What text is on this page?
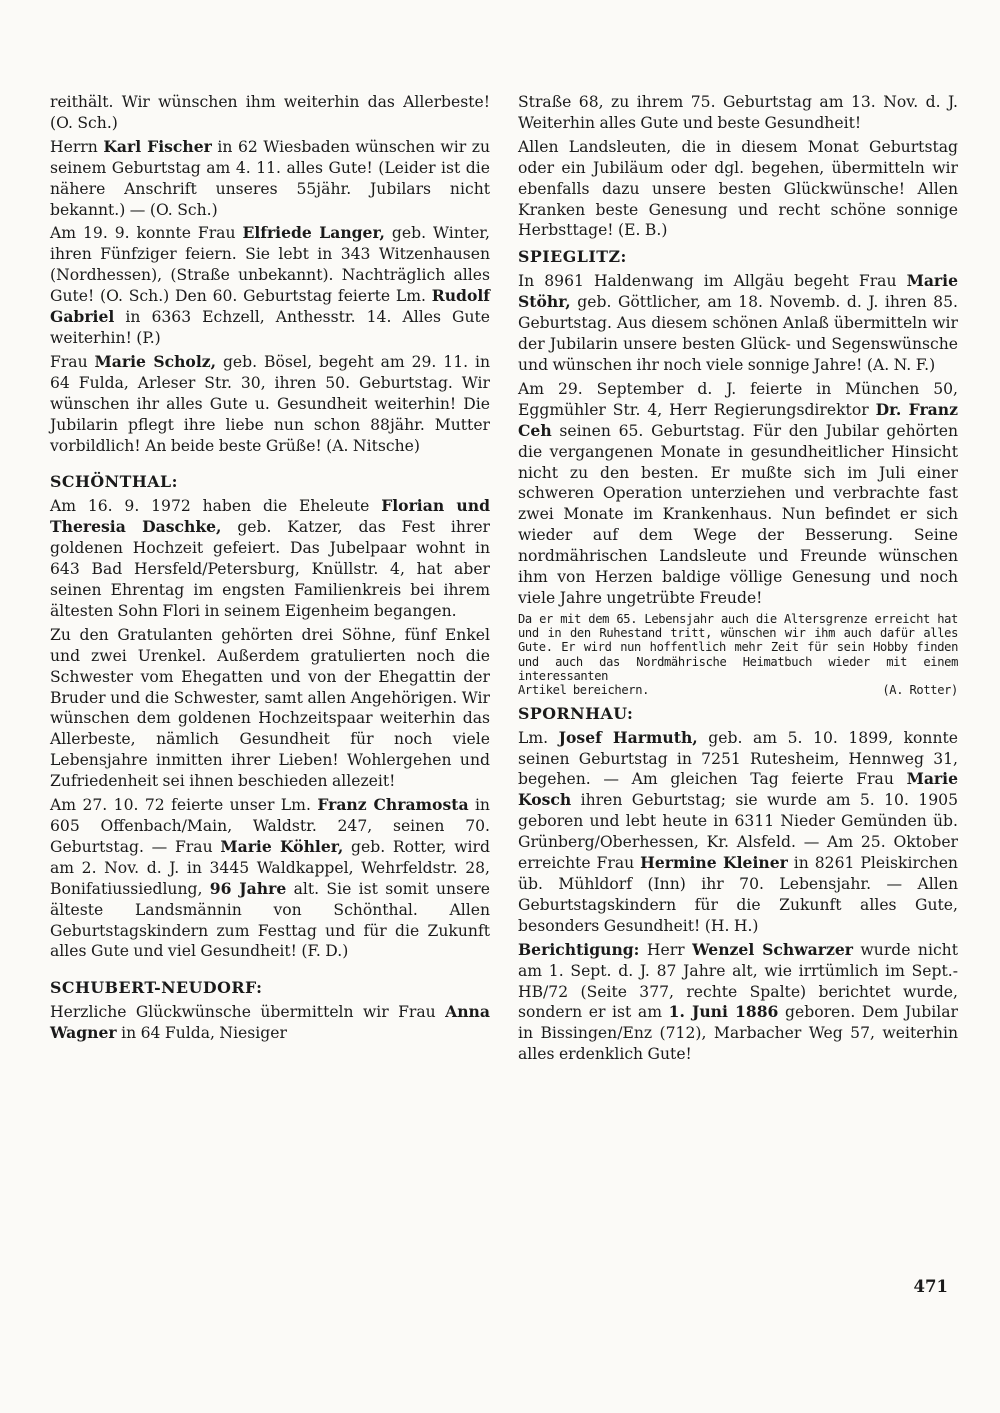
reithält. Wir wünschen ihm weiterhin das Allerbeste! (O. Sch.)

Herrn Karl Fischer in 62 Wiesbaden wünschen wir zu seinem Geburtstag am 4. 11. alles Gute! (Leider ist die nähere Anschrift unseres 55jähr. Jubilars nicht bekannt.) — (O. Sch.)

Am 19. 9. konnte Frau Elfriede Langer, geb. Winter, ihren Fünfziger feiern. Sie lebt in 343 Witzenhausen (Nordhessen), (Straße unbekannt). Nachträglich alles Gute! (O. Sch.) Den 60. Geburtstag feierte Lm. Rudolf Gabriel in 6363 Echzell, Anthesstr. 14. Alles Gute weiterhin! (P.)

Frau Marie Scholz, geb. Bösel, begeht am 29. 11. in 64 Fulda, Arleser Str. 30, ihren 50. Geburtstag. Wir wünschen ihr alles Gute u. Gesundheit weiterhin! Die Jubilarin pflegt ihre liebe nun schon 88jähr. Mutter vorbildlich! An beide beste Grüße! (A. Nitsche)

SCHÖNTHAL:

Am 16. 9. 1972 haben die Eheleute Florian und Theresia Daschke, geb. Katzer, das Fest ihrer goldenen Hochzeit gefeiert. Das Jubelpaar wohnt in 643 Bad Hersfeld/Petersburg, Knüllstr. 4, hat aber seinen Ehrentag im engsten Familienkreis bei ihrem ältesten Sohn Flori in seinem Eigenheim begangen.

Zu den Gratulanten gehörten drei Söhne, fünf Enkel und zwei Urenkel. Außerdem gratulierten noch die Schwester vom Ehegatten und von der Ehegattin der Bruder und die Schwester, samt allen Angehörigen. Wir wünschen dem goldenen Hochzeitspaar weiterhin das Allerbeste, nämlich Gesundheit für noch viele Lebensjahre inmitten ihrer Lieben! Wohlergehen und Zufriedenheit sei ihnen beschieden allezeit!

Am 27. 10. 72 feierte unser Lm. Franz Chramosta in 605 Offenbach/Main, Waldstr. 247, seinen 70. Geburtstag. — Frau Marie Köhler, geb. Rotter, wird am 2. Nov. d. J. in 3445 Waldkappel, Wehrfeldstr. 28, Bonifatiussiedlung, 96 Jahre alt. Sie ist somit unsere älteste Landsmännin von Schönthal. Allen Geburtstagskindern zum Festtag und für die Zukunft alles Gute und viel Gesundheit! (F. D.)

SCHUBERT-NEUDORF:

Herzliche Glückwünsche übermitteln wir Frau Anna Wagner in 64 Fulda, Niesiger

Straße 68, zu ihrem 75. Geburtstag am 13. Nov. d. J. Weiterhin alles Gute und beste Gesundheit!

Allen Landsleuten, die in diesem Monat Geburtstag oder ein Jubiläum oder dgl. begehen, übermitteln wir ebenfalls dazu unsere besten Glückwünsche! Allen Kranken beste Genesung und recht schöne sonnige Herbsttage! (E. B.)

SPIEGLITZ:

In 8961 Haldenwang im Allgäu begeht Frau Marie Stöhr, geb. Göttlicher, am 18. Novemb. d. J. ihren 85. Geburtstag. Aus diesem schönen Anlaß übermitteln wir der Jubilarin unsere besten Glück- und Segenswünsche und wünschen ihr noch viele sonnige Jahre! (A. N. F.)

Am 29. September d. J. feierte in München 50, Eggmühler Str. 4, Herr Regierungsdirektor Dr. Franz Ceh seinen 65. Geburtstag. Für den Jubilar gehörten die vergangenen Monate in gesundheitlicher Hinsicht nicht zu den besten. Er mußte sich im Juli einer schweren Operation unterziehen und verbrachte fast zwei Monate im Krankenhaus. Nun befindet er sich wieder auf dem Wege der Besserung. Seine nordmährischen Landsleute und Freunde wünschen ihm von Herzen baldige völlige Genesung und noch viele Jahre ungetrübte Freude!

Da er mit dem 65. Lebensjahr auch die Altersgrenze erreicht hat und in den Ruhestand tritt, wünschen wir ihm auch dafür alles Gute. Er wird nun hoffentlich mehr Zeit für sein Hobby finden und auch das Nordmährische Heimatbuch wieder mit einem interessanten
Artikel bereichern.	(A. Rotter)

SPORNHAU:

Lm. Josef Harmuth, geb. am 5. 10. 1899, konnte seinen Geburtstag in 7251 Rutesheim, Hennweg 31, begehen. — Am gleichen Tag feierte Frau Marie Kosch ihren Geburtstag; sie wurde am 5. 10. 1905 geboren und lebt heute in 6311 Nieder Gemünden üb. Grünberg/Oberhessen, Kr. Alsfeld. — Am 25. Oktober erreichte Frau Hermine Kleiner in 8261 Pleiskirchen üb. Mühldorf (Inn) ihr 70. Lebensjahr. — Allen Geburtstagskindern für die Zukunft alles Gute, besonders Gesundheit! (H. H.)

Berichtigung: Herr Wenzel Schwarzer wurde nicht am 1. Sept. d. J. 87 Jahre alt, wie irrtümlich im Sept.-HB/72 (Seite 377, rechte Spalte) berichtet wurde, sondern er ist am 1. Juni 1886 geboren. Dem Jubilar in Bissingen/Enz (712), Marbacher Weg 57, weiterhin alles erdenklich Gute!

471
